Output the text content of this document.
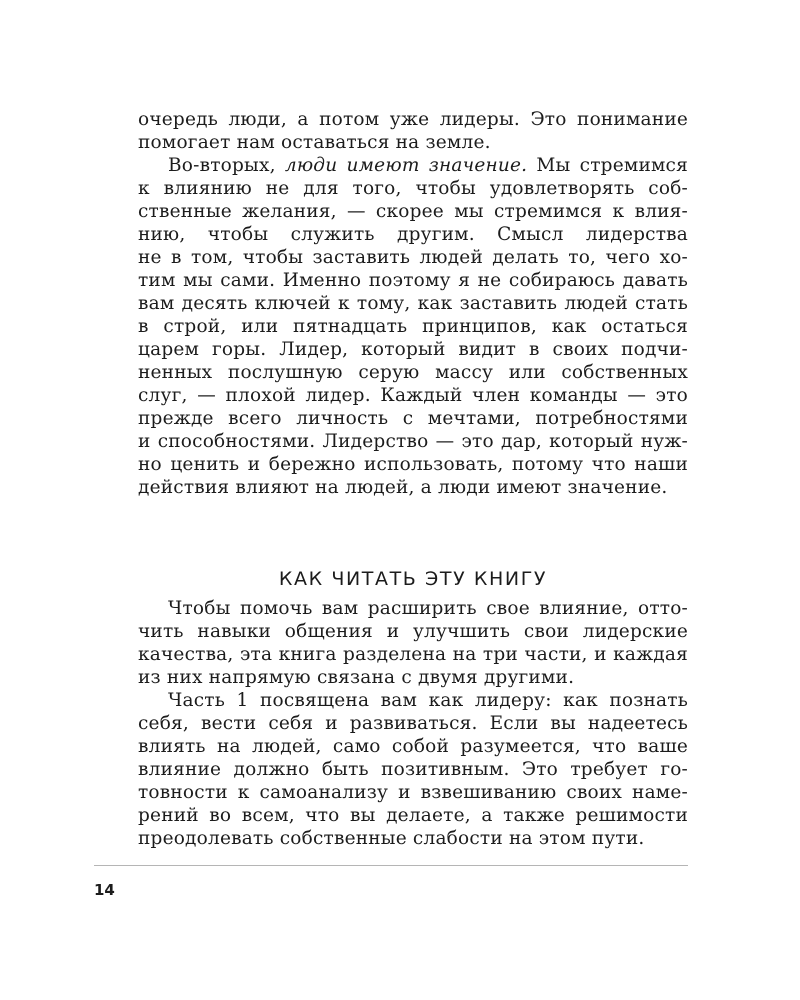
очередь люди, а потом уже лидеры. Это понимание
помогает нам оставаться на земле.
Во-вторых, люди имеют значение. Мы стремимся
к влиянию не для того, чтобы удовлетворять соб-
ственные желания, — скорее мы стремимся к влия-
нию, чтобы служить другим. Смысл лидерства
не в том, чтобы заставить людей делать то, чего хо-
тим мы сами. Именно поэтому я не собираюсь давать
вам десять ключей к тому, как заставить людей стать
в строй, или пятнадцать принципов, как остаться
царем горы. Лидер, который видит в своих подчи-
ненных послушную серую массу или собственных
слуг, — плохой лидер. Каждый член команды — это
прежде всего личность с мечтами, потребностями
и способностями. Лидерство — это дар, который нуж-
но ценить и бережно использовать, потому что наши
действия влияют на людей, а люди имеют значение.
КАК ЧИТАТЬ ЭТУ КНИГУ
Чтобы помочь вам расширить свое влияние, отто-
чить навыки общения и улучшить свои лидерские
качества, эта книга разделена на три части, и каждая
из них напрямую связана с двумя другими.
Часть 1 посвящена вам как лидеру: как познать
себя, вести себя и развиваться. Если вы надеетесь
влиять на людей, само собой разумеется, что ваше
влияние должно быть позитивным. Это требует го-
товности к самоанализу и взвешиванию своих наме-
рений во всем, что вы делаете, а также решимости
преодолевать собственные слабости на этом пути.
14
